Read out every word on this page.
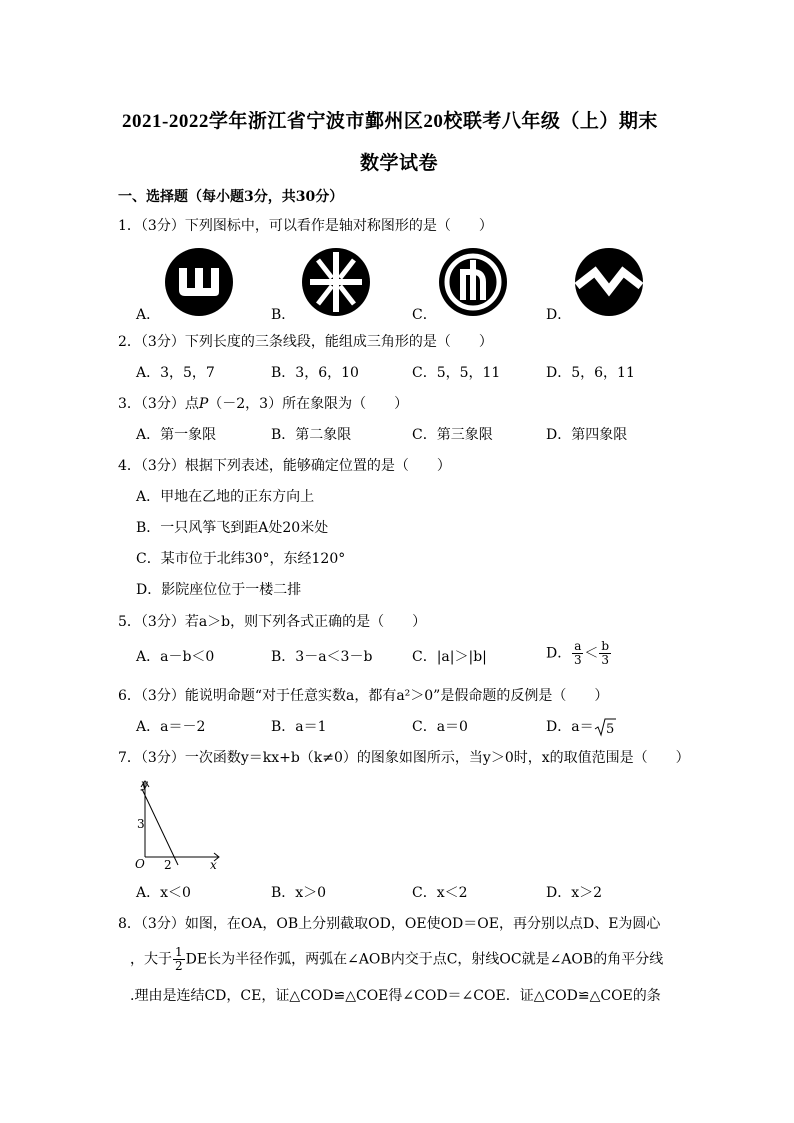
2021-2022学年浙江省宁波市鄞州区20校联考八年级（上）期末
数学试卷
一、选择题（每小题3分，共30分）
1．（3分）下列图标中，可以看作是轴对称图形的是（　　）
A．	B．	C．	D．
2．（3分）下列长度的三条线段，能组成三角形的是（　　）
A．3，5，7	B．3，6，10	C．5，5，11	D．5，6，11
3．（3分）点P（－2，3）所在象限为（　　）
A．第一象限	B．第二象限	C．第三象限	D．第四象限
4．（3分）根据下列表述，能够确定位置的是（　　）
A．甲地在乙地的正东方向上
B．一只风筝飞到距A处20米处
C．某市位于北纬30°，东经120°
D．影院座位位于一楼二排
5．（3分）若a＞b，则下列各式正确的是（　　）
A．a－b＜0	B．3－a＜3－b	C．|a|＞|b|	D． $\frac{a}{3} < \frac{b}{3}$
6．（3分）能说明命题“对于任意实数a，都有a²＞0”是假命题的反例是（　　）
A．a＝－2	B．a＝1	C．a＝0	D．a＝ 5
7．（3分）一次函数y＝kx+b（k≠0）的图象如图所示，当y＞0时，x的取值范围是（　　）
y
x
O
3
2
A．x＜0	B．x＞0	C．x＜2	D．x＞2
8．（3分）如图，在OA，OB上分别截取OD，OE使OD＝OE，再分别以点D、E为圆心
，大于 $\frac{1}{2}$ DE长为半径作弧，两弧在∠AOB内交于点C，射线OC就是∠AOB的角平分线
.理由是连结CD，CE，证△COD≌△COE得∠COD＝∠COE．证△COD≌△COE的条
